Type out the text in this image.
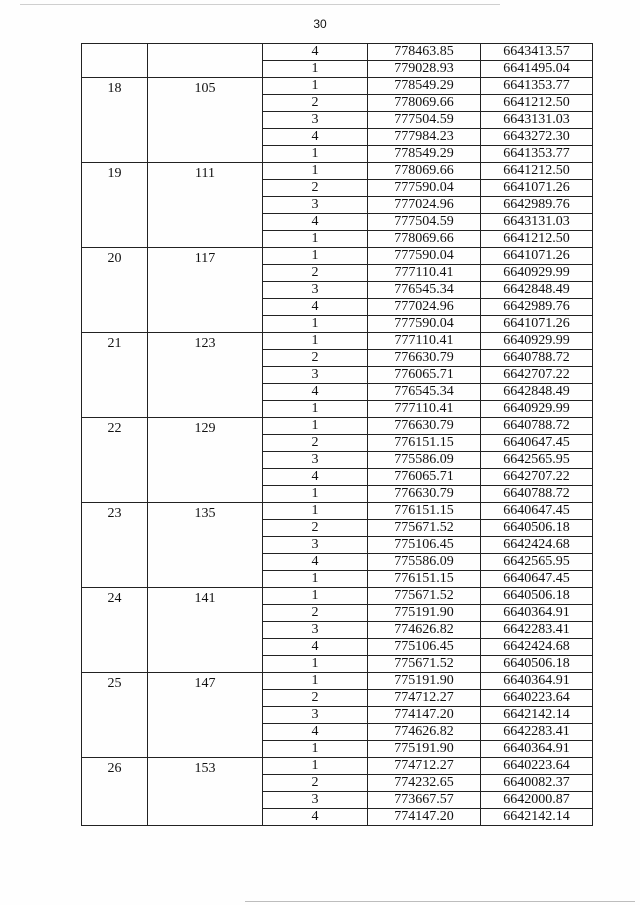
30
		4	778463.85	6643413.57
		1	779028.93	6641495.04
18	105	1	778549.29	6641353.77
		2	778069.66	6641212.50
		3	777504.59	6643131.03
		4	777984.23	6643272.30
		1	778549.29	6641353.77
19	111	1	778069.66	6641212.50
		2	777590.04	6641071.26
		3	777024.96	6642989.76
		4	777504.59	6643131.03
		1	778069.66	6641212.50
20	117	1	777590.04	6641071.26
		2	777110.41	6640929.99
		3	776545.34	6642848.49
		4	777024.96	6642989.76
		1	777590.04	6641071.26
21	123	1	777110.41	6640929.99
		2	776630.79	6640788.72
		3	776065.71	6642707.22
		4	776545.34	6642848.49
		1	777110.41	6640929.99
22	129	1	776630.79	6640788.72
		2	776151.15	6640647.45
		3	775586.09	6642565.95
		4	776065.71	6642707.22
		1	776630.79	6640788.72
23	135	1	776151.15	6640647.45
		2	775671.52	6640506.18
		3	775106.45	6642424.68
		4	775586.09	6642565.95
		1	776151.15	6640647.45
24	141	1	775671.52	6640506.18
		2	775191.90	6640364.91
		3	774626.82	6642283.41
		4	775106.45	6642424.68
		1	775671.52	6640506.18
25	147	1	775191.90	6640364.91
		2	774712.27	6640223.64
		3	774147.20	6642142.14
		4	774626.82	6642283.41
		1	775191.90	6640364.91
26	153	1	774712.27	6640223.64
		2	774232.65	6640082.37
		3	773667.57	6642000.87
		4	774147.20	6642142.14
